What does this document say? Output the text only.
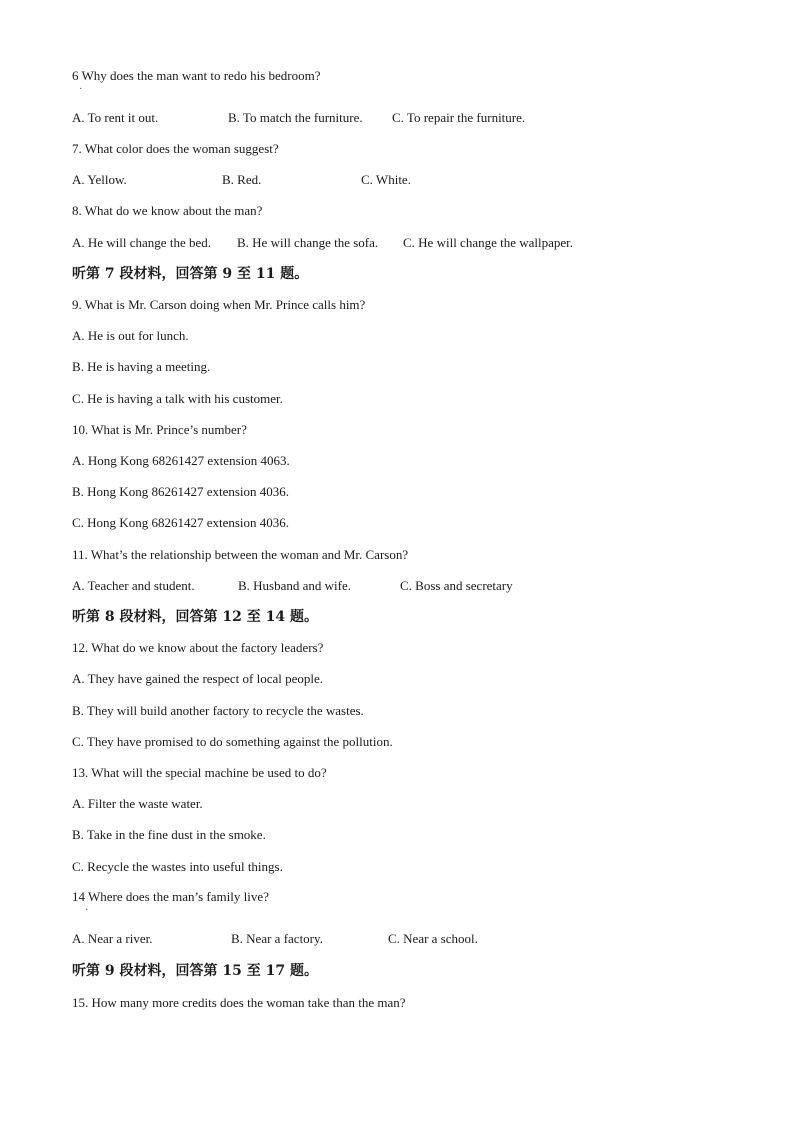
6 Why does the man want to redo his bedroom?
·
A. To rent it out.	B. To match the furniture. C. To repair the furniture.
7. What color does the woman suggest?
A. Yellow.	B. Red.	C. White.
8. What do we know about the man?
A. He will change the bed. B. He will change the sofa. C. He will change the wallpaper.
听第 7 段材料，回答第 9 至 11 题。
9. What is Mr. Carson doing when Mr. Prince calls him?
A. He is out for lunch.
B. He is having a meeting.
C. He is having a talk with his customer.
10. What is Mr. Prince’s number?
A. Hong Kong 68261427 extension 4063.
B. Hong Kong 86261427 extension 4036.
C. Hong Kong 68261427 extension 4036.
11. What’s the relationship between the woman and Mr. Carson?
A. Teacher and student.	B. Husband and wife.	C. Boss and secretary
听第 8 段材料，回答第 12 至 14 题。
12. What do we know about the factory leaders?
A. They have gained the respect of local people.
B. They will build another factory to recycle the wastes.
C. They have promised to do something against the pollution.
13. What will the special machine be used to do?
A. Filter the waste water.
B. Take in the fine dust in the smoke.
C. Recycle the wastes into useful things.
14 Where does the man’s family live?
·
A. Near a river.	B. Near a factory.	C. Near a school.
听第 9 段材料，回答第 15 至 17 题。
15. How many more credits does the woman take than the man?
